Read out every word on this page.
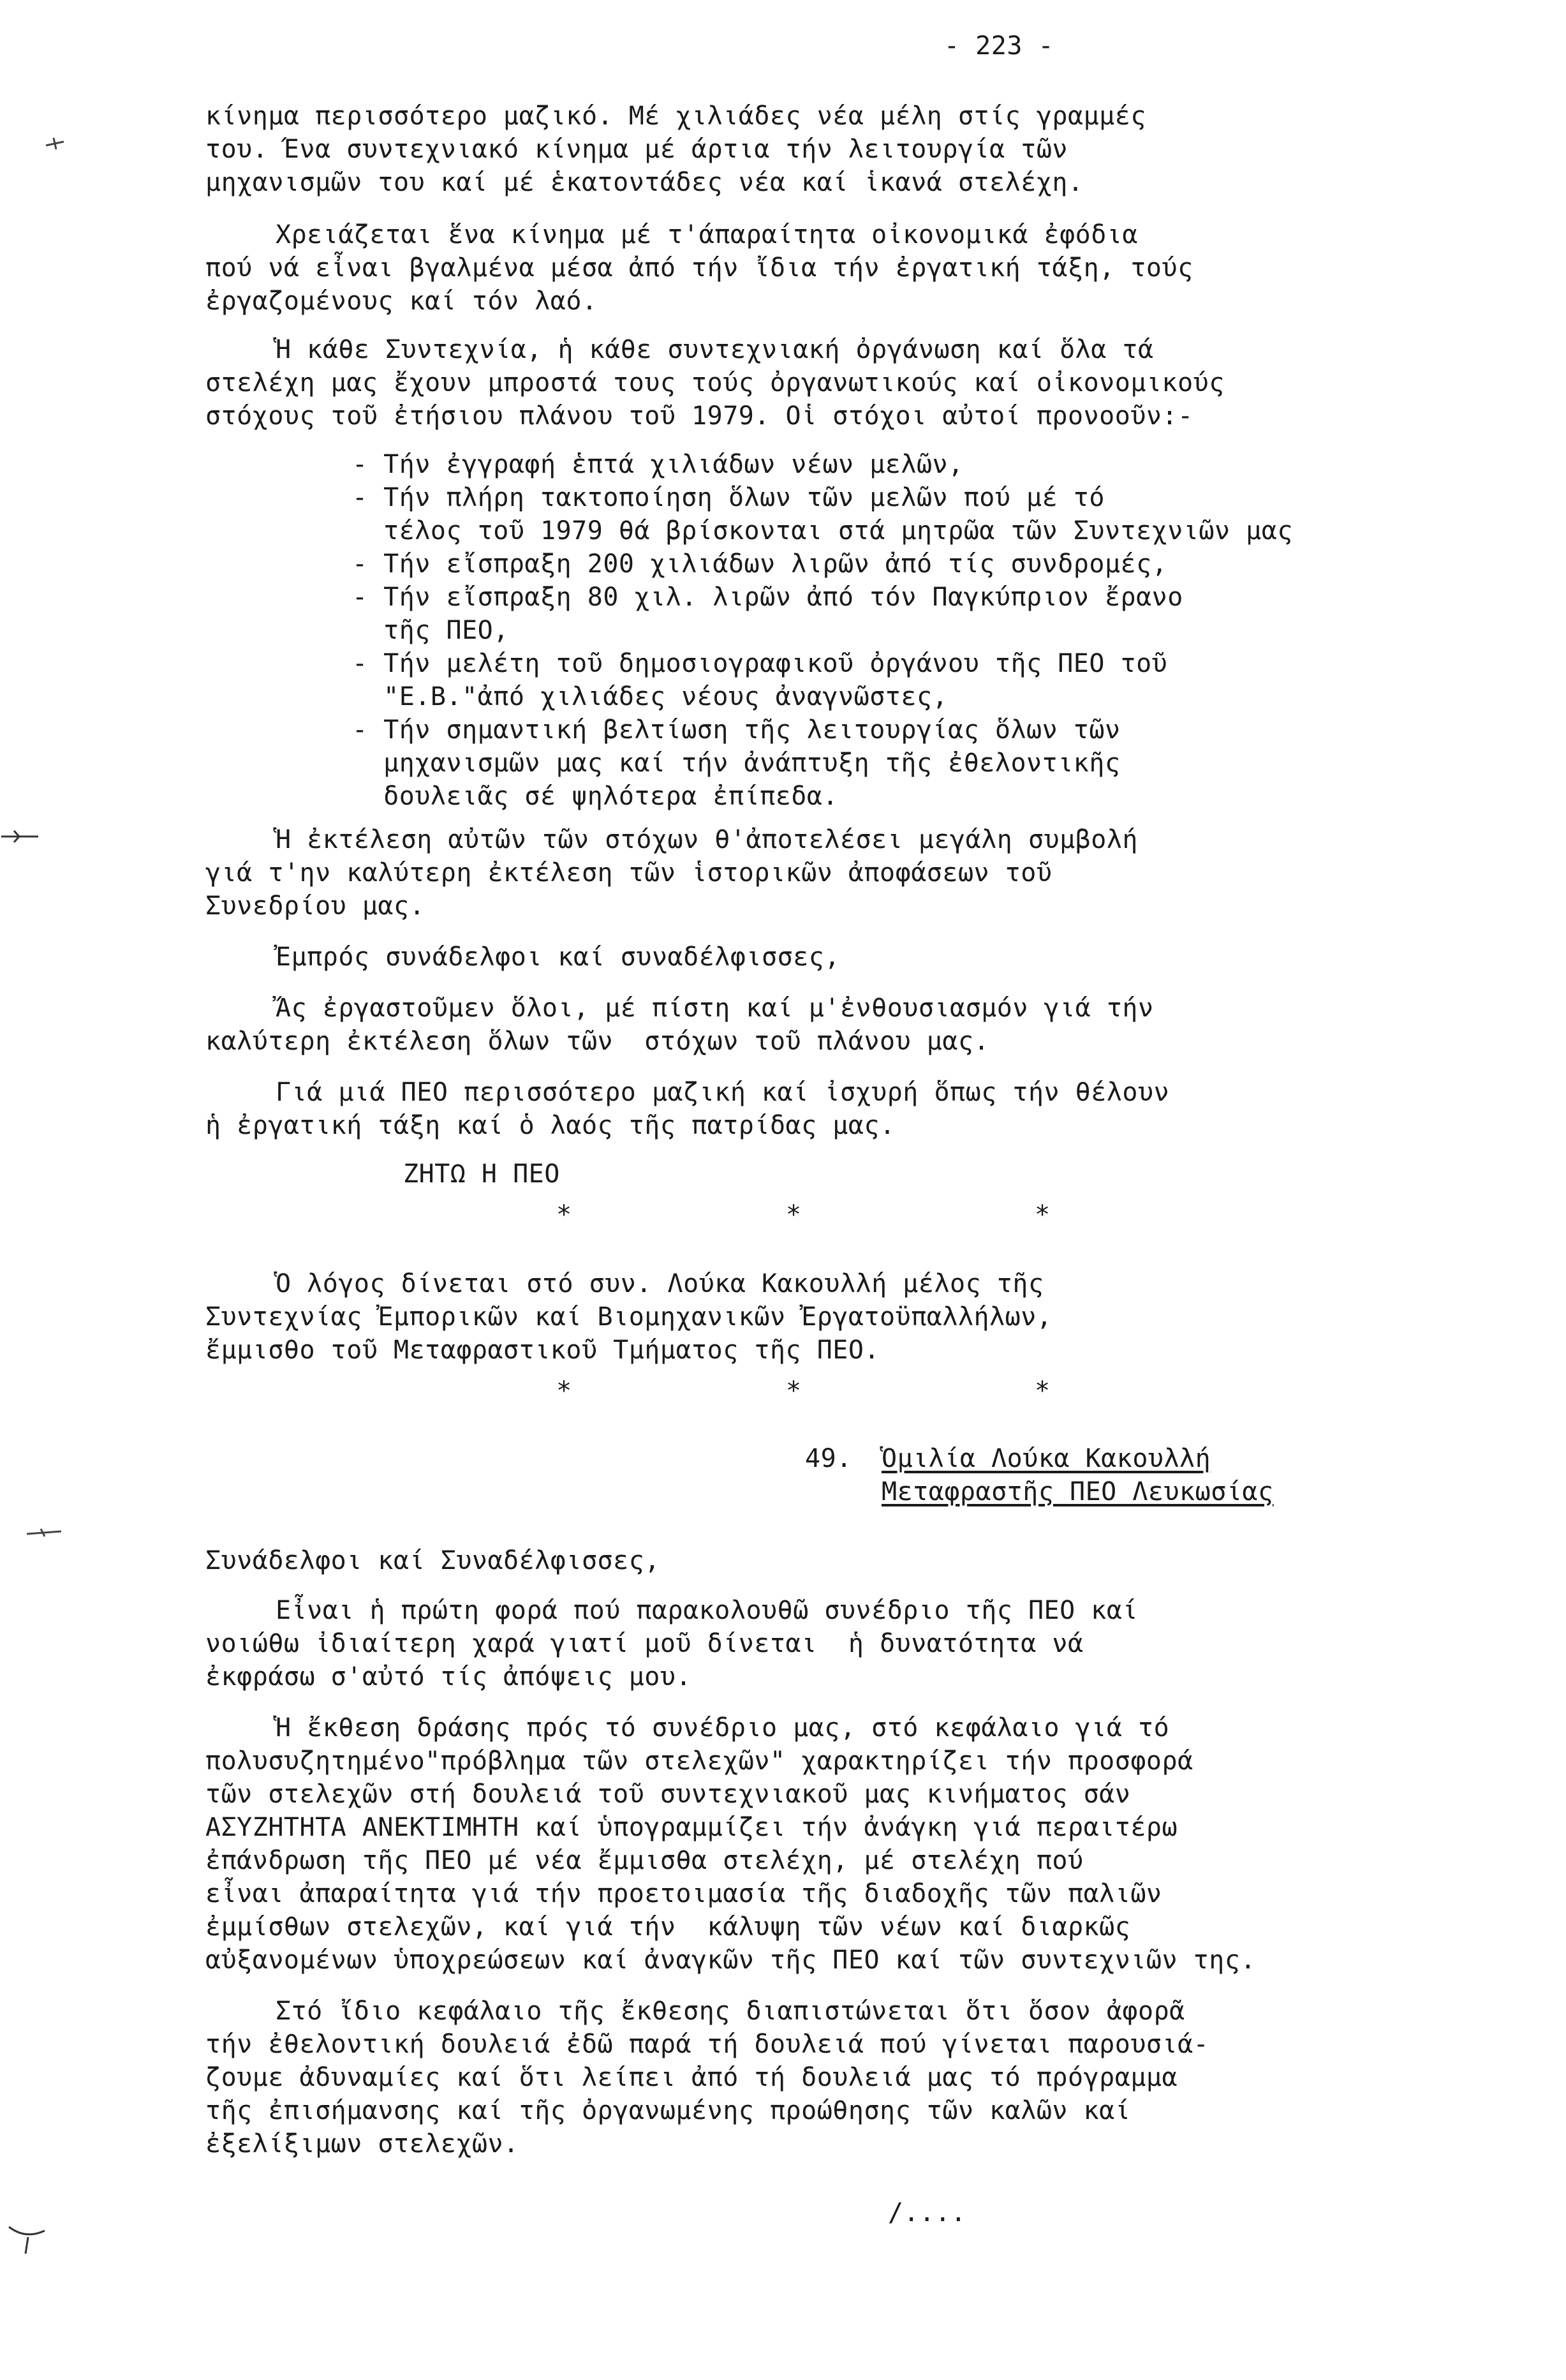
- 223 -
κίνημα περισσότερο μαζικό. Μέ χιλιάδες νέα μέλη στίς γραμμές
του. Ένα συντεχνιακό κίνημα μέ άρτια τήν λειτουργία τῶν
μηχανισμῶν του καί μέ ἑκατοντάδες νέα καί ἱκανά στελέχη.
Χρειάζεται ἕνα κίνημα μέ τ'άπαραίτητα οἰκονομικά ἐφόδια
πού νά εἶναι βγαλμένα μέσα ἀπό τήν ἴδια τήν ἐργατική τάξη, τούς
ἐργαζομένους καί τόν λαό.
Ἡ κάθε Συντεχνία, ἡ κάθε συντεχνιακή ὀργάνωση καί ὅλα τά
στελέχη μας ἔχουν μπροστά τους τούς ὀργανωτικούς καί οἰκονομικούς
στόχους τοῦ ἐτήσιου πλάνου τοῦ 1979. Οἱ στόχοι αὐτοί προνοοῦν:-
- Τήν ἐγγραφή ἑπτά χιλιάδων νέων μελῶν,
- Τήν πλήρη τακτοποίηση ὅλων τῶν μελῶν πού μέ τό
τέλος τοῦ 1979 θά βρίσκονται στά μητρῶα τῶν Συντεχνιῶν μας
- Τήν εἴσπραξη 200 χιλιάδων λιρῶν ἀπό τίς συνδρομές,
- Τήν εἴσπραξη 80 χιλ. λιρῶν ἀπό τόν Παγκύπριον ἔρανο
τῆς ΠΕΟ,
- Τήν μελέτη τοῦ δημοσιογραφικοῦ ὀργάνου τῆς ΠΕΟ τοῦ
"Ε.Β."ἀπό χιλιάδες νέους ἀναγνῶστες,
- Τήν σημαντική βελτίωση τῆς λειτουργίας ὅλων τῶν
μηχανισμῶν μας καί τήν ἀνάπτυξη τῆς ἐθελοντικῆς
δουλειᾶς σέ ψηλότερα ἐπίπεδα.
Ἡ ἐκτέλεση αὐτῶν τῶν στόχων θ'ἀποτελέσει μεγάλη συμβολή
γιά τ'ην καλύτερη ἐκτέλεση τῶν ἱστορικῶν ἀποφάσεων τοῦ
Συνεδρίου μας.
Ἐμπρός συνάδελφοι καί συναδέλφισσες,
Ἄς ἐργαστοῦμεν ὅλοι, μέ πίστη καί μ'ἐνθουσιασμόν γιά τήν
καλύτερη ἐκτέλεση ὅλων τῶν  στόχων τοῦ πλάνου μας.
Γιά μιά ΠΕΟ περισσότερο μαζική καί ἰσχυρή ὅπως τήν θέλουν
ἡ ἐργατική τάξη καί ὁ λαός τῆς πατρίδας μας.
ΖΗΤΩ Η ΠΕΟ
*	*	*
Ὁ λόγος δίνεται στό συν. Λούκα Κακουλλή μέλος τῆς
Συντεχνίας Ἐμπορικῶν καί Βιομηχανικῶν Ἐργατοϋπαλλήλων,
ἔμμισθο τοῦ Μεταφραστικοῦ Τμήματος τῆς ΠΕΟ.
*	*	*
49. Ὁμιλία Λούκα Κακουλλή
Μεταφραστῆς ΠΕΟ Λευκωσίας
Συνάδελφοι καί Συναδέλφισσες,
Εἶναι ἡ πρώτη φορά πού παρακολουθῶ συνέδριο τῆς ΠΕΟ καί
νοιώθω ἰδιαίτερη χαρά γιατί μοῦ δίνεται  ἡ δυνατότητα νά
ἐκφράσω σ'αὐτό τίς ἀπόψεις μου.
Ἡ ἔκθεση δράσης πρός τό συνέδριο μας, στό κεφάλαιο γιά τό
πολυσυζητημένο"πρόβλημα τῶν στελεχῶν" χαρακτηρίζει τήν προσφορά
τῶν στελεχῶν στή δουλειά τοῦ συντεχνιακοῦ μας κινήματος σάν
ΑΣΥΖΗΤΗΤΑ ΑΝΕΚΤΙΜΗΤΗ καί ὑπογραμμίζει τήν ἀνάγκη γιά περαιτέρω
ἐπάνδρωση τῆς ΠΕΟ μέ νέα ἔμμισθα στελέχη, μέ στελέχη πού
εἶναι ἀπαραίτητα γιά τήν προετοιμασία τῆς διαδοχῆς τῶν παλιῶν
ἐμμίσθων στελεχῶν, καί γιά τήν  κάλυψη τῶν νέων καί διαρκῶς
αὐξανομένων ὑποχρεώσεων καί ἀναγκῶν τῆς ΠΕΟ καί τῶν συντεχνιῶν της.
Στό ἴδιο κεφάλαιο τῆς ἔκθεσης διαπιστώνεται ὅτι ὅσον ἀφορᾶ
τήν ἐθελοντική δουλειά ἐδῶ παρά τή δουλειά πού γίνεται παρουσιά-
ζουμε ἀδυναμίες καί ὅτι λείπει ἀπό τή δουλειά μας τό πρόγραμμα
τῆς ἐπισήμανσης καί τῆς ὀργανωμένης προώθησης τῶν καλῶν καί
ἐξελίξιμων στελεχῶν.
/....
